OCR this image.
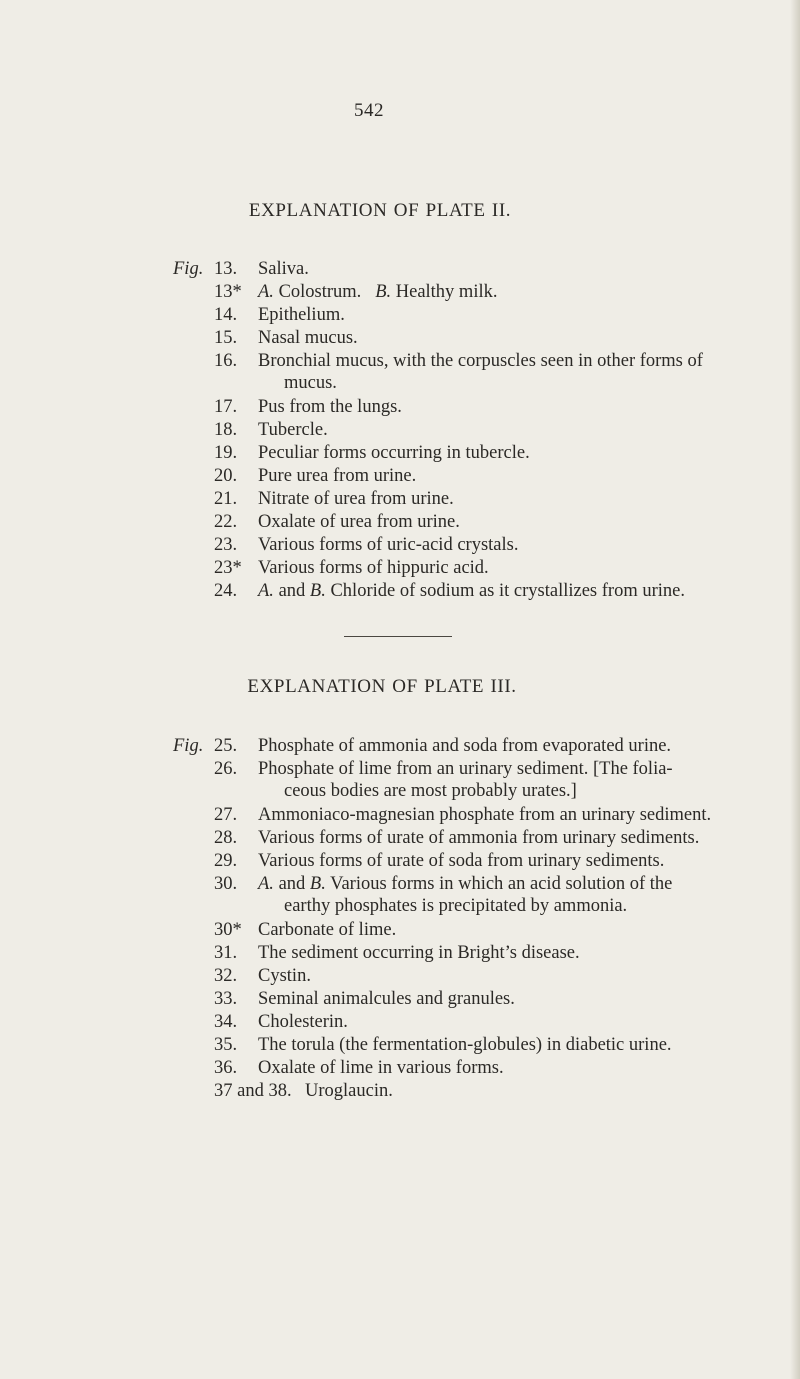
542
EXPLANATION OF PLATE II.
Fig. 13. Saliva.
13* A. Colostrum. B. Healthy milk.
14. Epithelium.
15. Nasal mucus.
16. Bronchial mucus, with the corpuscles seen in other forms of
mucus.
17. Pus from the lungs.
18. Tubercle.
19. Peculiar forms occurring in tubercle.
20. Pure urea from urine.
21. Nitrate of urea from urine.
22. Oxalate of urea from urine.
23. Various forms of uric-acid crystals.
23* Various forms of hippuric acid.
24. A. and B. Chloride of sodium as it crystallizes from urine.
EXPLANATION OF PLATE III.
Fig. 25. Phosphate of ammonia and soda from evaporated urine.
26. Phosphate of lime from an urinary sediment. [The folia-
ceous bodies are most probably urates.]
27. Ammoniaco-magnesian phosphate from an urinary sediment.
28. Various forms of urate of ammonia from urinary sediments.
29. Various forms of urate of soda from urinary sediments.
30. A. and B. Various forms in which an acid solution of the
earthy phosphates is precipitated by ammonia.
30* Carbonate of lime.
31. The sediment occurring in Bright’s disease.
32. Cystin.
33. Seminal animalcules and granules.
34. Cholesterin.
35. The torula (the fermentation-globules) in diabetic urine.
36. Oxalate of lime in various forms.
37 and 38. Uroglaucin.
